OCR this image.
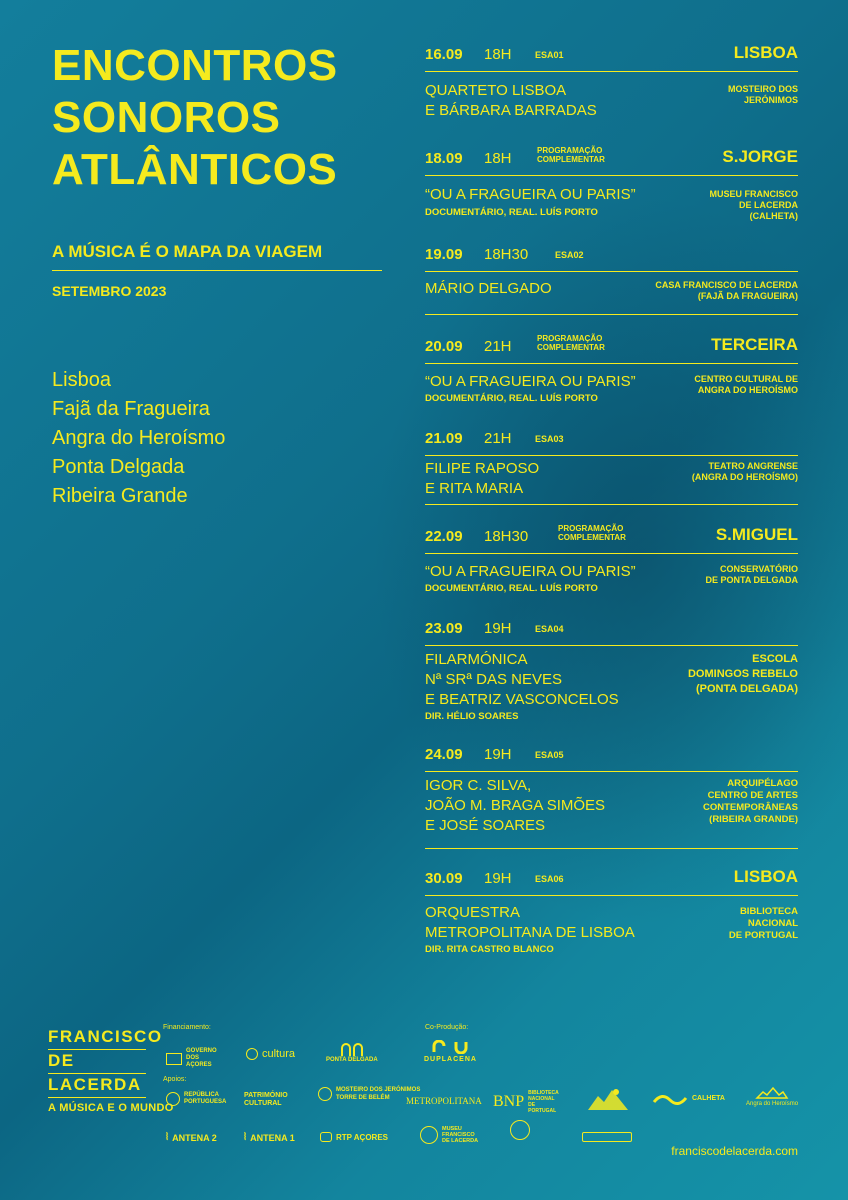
ENCONTROS
SONOROS
ATLÂNTICOS
A MÚSICA É O MAPA DA VIAGEM
SETEMBRO 2023
Lisboa
Fajã da Fragueira
Angra do Heroísmo
Ponta Delgada
Ribeira Grande
16.09 18H	ESA01	LISBOA
QUARTETO LISBOA
E BÁRBARA BARRADAS
MOSTEIRO DOS
JERÓNIMOS
18.09 18H	PROGRAMAÇÃO
COMPLEMENTAR	S.JORGE
“OU A FRAGUEIRA OU PARIS”
DOCUMENTÁRIO, REAL. LUÍS PORTO
MUSEU FRANCISCO
DE LACERDA
(CALHETA)
19.09 18H30	ESA02
MÁRIO DELGADO	CASA FRANCISCO DE LACERDA
(FAJÃ DA FRAGUEIRA)
20.09 21H	PROGRAMAÇÃO
COMPLEMENTAR	TERCEIRA
“OU A FRAGUEIRA OU PARIS”
DOCUMENTÁRIO, REAL. LUÍS PORTO
CENTRO CULTURAL DE
ANGRA DO HEROÍSMO
21.09 21H	ESA03
FILIPE RAPOSO
E RITA MARIA
TEATRO ANGRENSE
(ANGRA DO HEROÍSMO)
22.09 18H30	PROGRAMAÇÃO
COMPLEMENTAR	S.MIGUEL
“OU A FRAGUEIRA OU PARIS”
DOCUMENTÁRIO, REAL. LUÍS PORTO
CONSERVATÓRIO
DE PONTA DELGADA
23.09 19H	ESA04
FILARMÓNICA
Nª SRª DAS NEVES
E BEATRIZ VASCONCELOS
DIR. HÉLIO SOARES
ESCOLA
DOMINGOS REBELO
(PONTA DELGADA)
24.09 19H	ESA05
IGOR C. SILVA,
JOÃO M. BRAGA SIMÕES
E JOSÉ SOARES
ARQUIPÉLAGO
CENTRO DE ARTES
CONTEMPORÂNEAS
(RIBEIRA GRANDE)
30.09 19H	ESA06	LISBOA
ORQUESTRA
METROPOLITANA DE LISBOA
DIR. RITA CASTRO BLANCO
BIBLIOTECA
NACIONAL
DE PORTUGAL
FRANCISCO
DE
LACERDA
A MÚSICA E O MUNDO
Financiamento:	Co-Produção:
Apoios:
GOVERNO DOS AÇORES
cultura	PONTA DELGADA	DUPLACENA
REPÚBLICA PORTUGUESA
PATRIMÓNIO CULTURAL
MOSTEIRO DOS JERÓNIMOS
TORRE DE BELÉM	METROPOLITANA BNP BIBLIOTECA NACIONAL DE PORTUGAL
CALHETA
Angra do Heroísmo
⦚ ANTENA 2	⦚ ANTENA 1	RTP AÇORES
MUSEU FRANCISCO DE LACERDA
franciscodelacerda.com
